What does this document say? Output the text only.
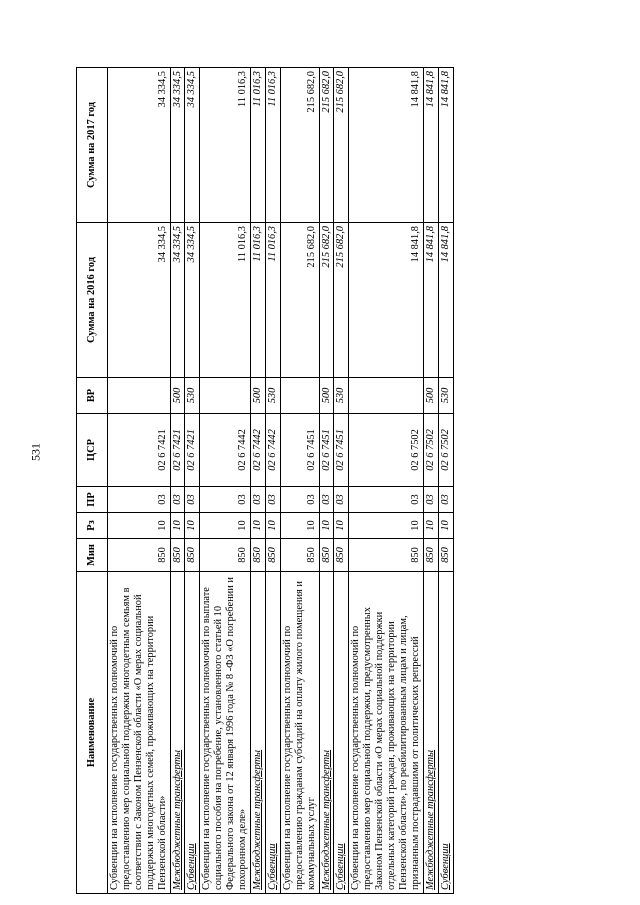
531
Наименование	Мин	Рз	ПР	ЦСР	ВР	Сумма на 2016 год	Сумма на 2017 год
Субвенции на исполнение государственных полномочий по предоставлению мер социальной поддержки многодетным семьям в соответствии с Законом Пензенской области «О мерах социальной поддержки многодетных семей, проживающих на территории Пензенской области»	850	10	03	02 6 7421		34 334,5	34 334,5
Межбюджетные трансферты	850	10	03	02 6 7421	500	34 334,5	34 334,5
Субвенции	850	10	03	02 6 7421	530	34 334,5	34 334,5
Субвенции на исполнение государственных полномочий по выплате социального пособия на погребение, установленного статьей 10 Федерального закона от 12 января 1996 года № 8 -ФЗ «О погребении и похоронном деле»	850	10	03	02 6 7442		11 016,3	11 016,3
Межбюджетные трансферты	850	10	03	02 6 7442	500	11 016,3	11 016,3
Субвенции	850	10	03	02 6 7442	530	11 016,3	11 016,3
Субвенции на исполнение государственных полномочий по предоставлению гражданам субсидий на оплату жилого помещения и коммунальных услуг	850	10	03	02 6 7451		215 682,0	215 682,0
Межбюджетные трансферты	850	10	03	02 6 7451	500	215 682,0	215 682,0
Субвенции	850	10	03	02 6 7451	530	215 682,0	215 682,0
Субвенции на исполнение государственных полномочий по предоставлению мер социальной поддержки, предусмотренных Законом Пензенской области «О мерах социальной поддержки отдельных категорий граждан, проживающих на территории Пензенской области», по реабилитированным лицам и лицам, признанным пострадавшими от политических репрессий	850	10	03	02 6 7502		14 841,8	14 841,8
Межбюджетные трансферты	850	10	03	02 6 7502	500	14 841,8	14 841,8
Субвенции	850	10	03	02 6 7502	530	14 841,8	14 841,8
